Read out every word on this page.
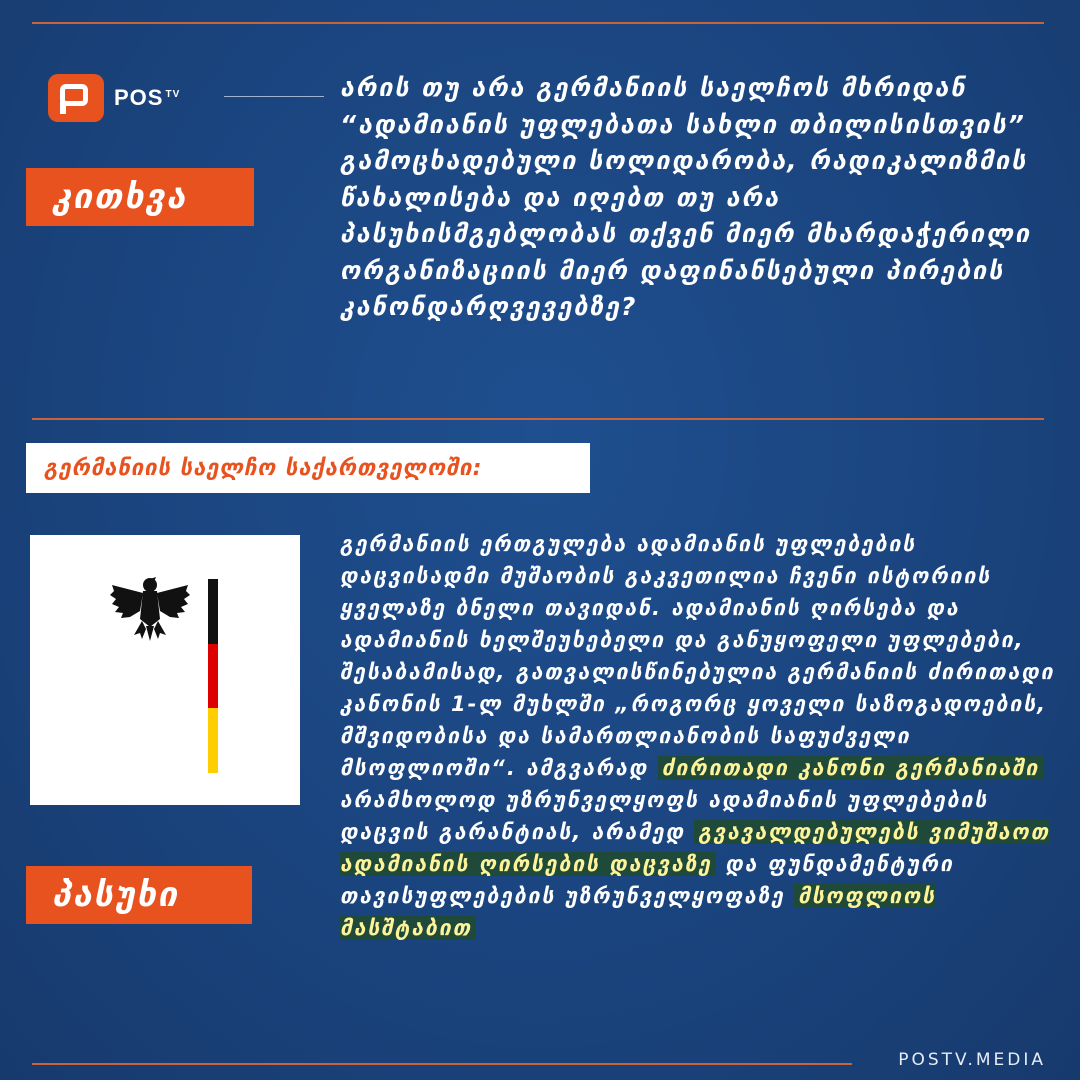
POS $^{TV}$
კითხვა
არის თუ არა გერმანიის საელჩოს მხრიდან “ადამიანის უფლებათა სახლი თბილისისთვის” გამოცხადებული სოლიდარობა, რადიკალიზმის წახალისება და იღებთ თუ არა პასუხისმგებლობას თქვენ მიერ მხარდაჭერილი ორგანიზაციის მიერ დაფინანსებული პირების კანონდარღვევებზე?
გერმანიის საელჩო საქართველოში:
გერმანიის ერთგულება ადამიანის უფლებების დაცვისადმი მუშაობის გაკვეთილია ჩვენი ისტორიის ყველაზე ბნელი თავიდან. ადამიანის ღირსება და ადამიანის ხელშეუხებელი და განუყოფელი უფლებები, შესაბამისად, გათვალისწინებულია გერმანიის ძირითადი კანონის 1-ლ მუხლში „როგორც ყოველი საზოგადოების, მშვიდობისა და სამართლიანობის საფუძველი მსოფლიოში“. ამგვარად ძირითადი კანონი გერმანიაში არამხოლოდ უზრუნველყოფს ადამიანის უფლებების დაცვის გარანტიას, არამედ გვავალდებულებს ვიმუშაოთ ადამიანის ღირსების დაცვაზე და ფუნდამენტური თავისუფლებების უზრუნველყოფაზე მსოფლიოს მასშტაბით
პასუხი
POSTV.MEDIA
